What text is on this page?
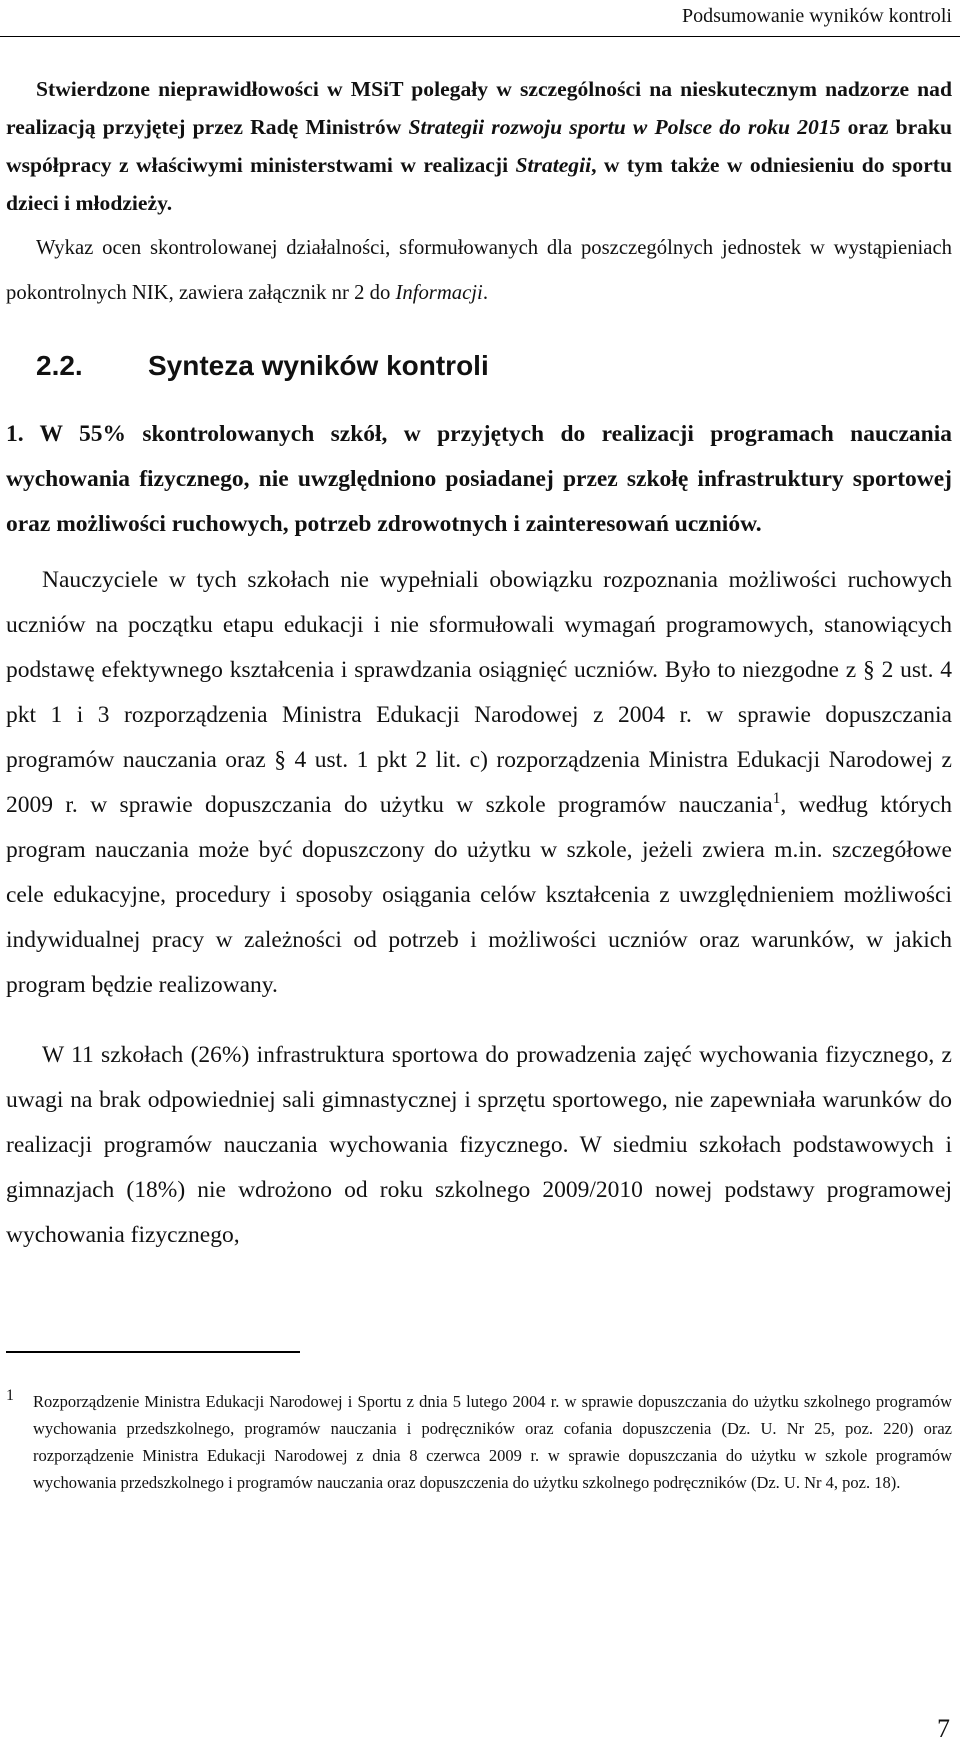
Podsumowanie wyników kontroli

Stwierdzone nieprawidłowości w MSiT polegały w szczególności na nieskutecznym nadzorze nad realizacją przyjętej przez Radę Ministrów Strategii rozwoju sportu w Polsce do roku 2015 oraz braku współpracy z właściwymi ministerstwami w realizacji Strategii, w tym także w odniesieniu do sportu dzieci i młodzieży.

Wykaz ocen skontrolowanej działalności, sformułowanych dla poszczególnych jednostek w wystąpieniach pokontrolnych NIK, zawiera załącznik nr 2 do Informacji.

2.2. Synteza wyników kontroli

1. W 55% skontrolowanych szkół, w przyjętych do realizacji programach nauczania wychowania fizycznego, nie uwzględniono posiadanej przez szkołę infrastruktury sportowej oraz możliwości ruchowych, potrzeb zdrowotnych i zainteresowań uczniów.

Nauczyciele w tych szkołach nie wypełniali obowiązku rozpoznania możliwości ruchowych uczniów na początku etapu edukacji i nie sformułowali wymagań programowych, stanowiących podstawę efektywnego kształcenia i sprawdzania osiągnięć uczniów. Było to niezgodne z § 2 ust. 4 pkt 1 i 3 rozporządzenia Ministra Edukacji Narodowej z 2004 r. w sprawie dopuszczania programów nauczania oraz § 4 ust. 1 pkt 2 lit. c) rozporządzenia Ministra Edukacji Narodowej z 2009 r. w sprawie dopuszczania do użytku w szkole programów nauczania$^1$, według których program nauczania może być dopuszczony do użytku w szkole, jeżeli zwiera m.in. szczegółowe cele edukacyjne, procedury i sposoby osiągania celów kształcenia z uwzględnieniem możliwości indywidualnej pracy w zależności od potrzeb i możliwości uczniów oraz warunków, w jakich program będzie realizowany.

W 11 szkołach (26%) infrastruktura sportowa do prowadzenia zajęć wychowania fizycznego, z uwagi na brak odpowiedniej sali gimnastycznej i sprzętu sportowego, nie zapewniała warunków do realizacji programów nauczania wychowania fizycznego. W siedmiu szkołach podstawowych i gimnazjach (18%) nie wdrożono od roku szkolnego 2009/2010 nowej podstawy programowej wychowania fizycznego,

1 Rozporządzenie Ministra Edukacji Narodowej i Sportu z dnia 5 lutego 2004 r. w sprawie dopuszczania do użytku szkolnego programów wychowania przedszkolnego, programów nauczania i podręczników oraz cofania dopuszczenia (Dz. U. Nr 25, poz. 220) oraz rozporządzenie Ministra Edukacji Narodowej z dnia 8 czerwca 2009 r. w sprawie dopuszczania do użytku w szkole programów wychowania przedszkolnego i programów nauczania oraz dopuszczenia do użytku szkolnego podręczników (Dz. U. Nr 4, poz. 18).

7
